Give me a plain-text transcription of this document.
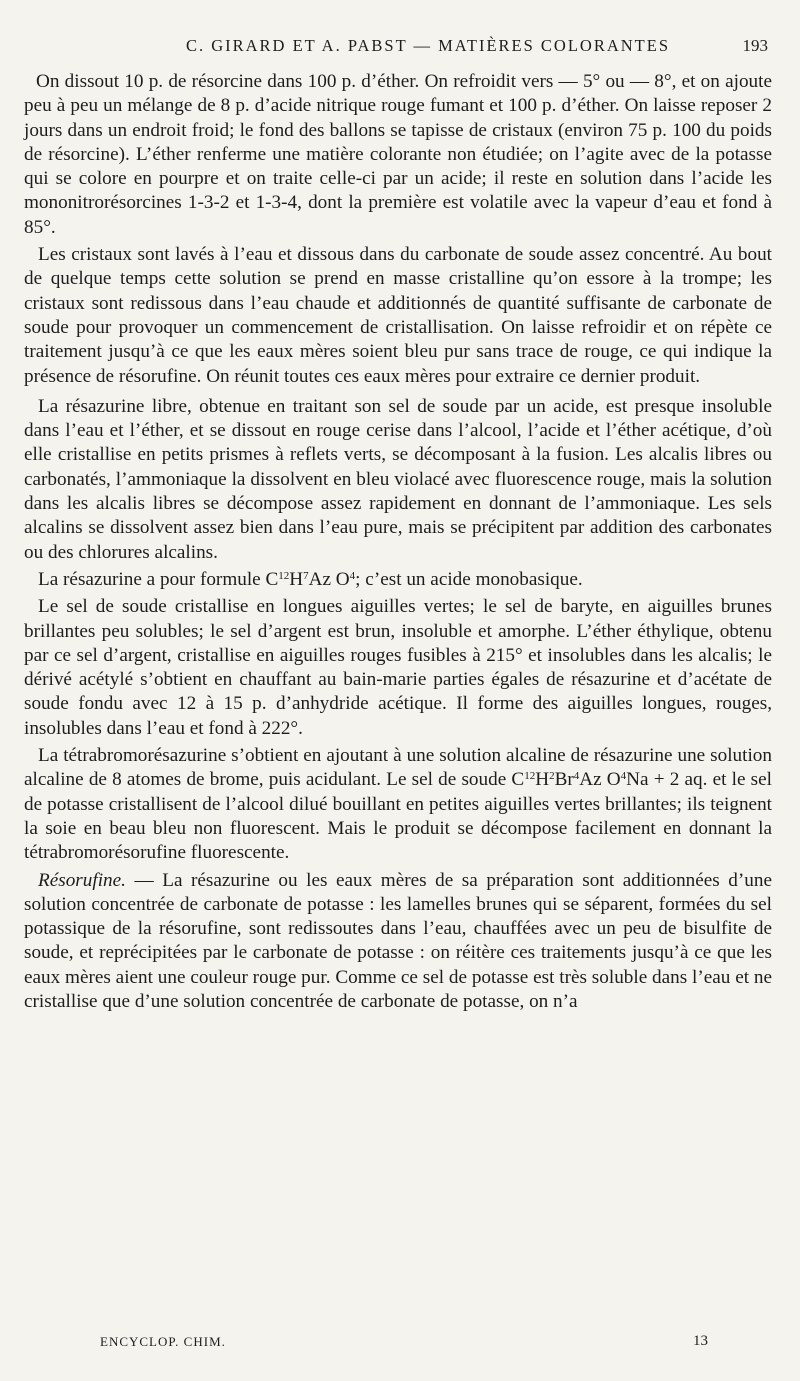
C. GIRARD ET A. PABST — MATIÈRES COLORANTES	193

On dissout 10 p. de résorcine dans 100 p. d’éther. On refroidit vers — 5° ou — 8°, et on ajoute peu à peu un mélange de 8 p. d’acide nitrique rouge fumant et 100 p. d’éther. On laisse reposer 2 jours dans un endroit froid; le fond des ballons se tapisse de cristaux (environ 75 p. 100 du poids de résorcine). L’éther renferme une matière colorante non étudiée; on l’agite avec de la potasse qui se colore en pourpre et on traite celle-ci par un acide; il reste en solution dans l’acide les mononitrorésorcines 1-3-2 et 1-3-4, dont la première est volatile avec la vapeur d’eau et fond à 85°.

Les cristaux sont lavés à l’eau et dissous dans du carbonate de soude assez concentré. Au bout de quelque temps cette solution se prend en masse cristalline qu’on essore à la trompe; les cristaux sont redissous dans l’eau chaude et additionnés de quantité suffisante de carbonate de soude pour provoquer un commencement de cristallisation. On laisse refroidir et on répète ce traitement jusqu’à ce que les eaux mères soient bleu pur sans trace de rouge, ce qui indique la présence de résorufine. On réunit toutes ces eaux mères pour extraire ce dernier produit.

La résazurine libre, obtenue en traitant son sel de soude par un acide, est presque insoluble dans l’eau et l’éther, et se dissout en rouge cerise dans l’alcool, l’acide et l’éther acétique, d’où elle cristallise en petits prismes à reflets verts, se décomposant à la fusion. Les alcalis libres ou carbonatés, l’ammoniaque la dissolvent en bleu violacé avec fluorescence rouge, mais la solution dans les alcalis libres se décompose assez rapidement en donnant de l’ammoniaque. Les sels alcalins se dissolvent assez bien dans l’eau pure, mais se précipitent par addition des carbonates ou des chlorures alcalins.

La résazurine a pour formule $C^{12}H^7Az$ $O^4$; c’est un acide monobasique.

Le sel de soude cristallise en longues aiguilles vertes; le sel de baryte, en aiguilles brunes brillantes peu solubles; le sel d’argent est brun, insoluble et amorphe. L’éther éthylique, obtenu par ce sel d’argent, cristallise en aiguilles rouges fusibles à 215° et insolubles dans les alcalis; le dérivé acétylé s’obtient en chauffant au bain-marie parties égales de résazurine et d’acétate de soude fondu avec 12 à 15 p. d’anhydride acétique. Il forme des aiguilles longues, rouges, insolubles dans l’eau et fond à 222°.

La tétrabromorésazurine s’obtient en ajoutant à une solution alcaline de résazurine une solution alcaline de 8 atomes de brome, puis acidulant. Le sel de soude $C^{12}H^2Br^4Az$ $O^4Na + 2$ aq. et le sel de potasse cristallisent de l’alcool dilué bouillant en petites aiguilles vertes brillantes; ils teignent la soie en beau bleu non fluorescent. Mais le produit se décompose facilement en donnant la tétrabromorésorufine fluorescente.

Résorufine. — La résazurine ou les eaux mères de sa préparation sont additionnées d’une solution concentrée de carbonate de potasse : les lamelles brunes qui se séparent, formées du sel potassique de la résorufine, sont redissoutes dans l’eau, chauffées avec un peu de bisulfite de soude, et reprécipitées par le carbonate de potasse : on réitère ces traitements jusqu’à ce que les eaux mères aient une couleur rouge pur. Comme ce sel de potasse est très soluble dans l’eau et ne cristallise que d’une solution concentrée de carbonate de potasse, on n’a

ENCYCLOP. CHIM.	13
